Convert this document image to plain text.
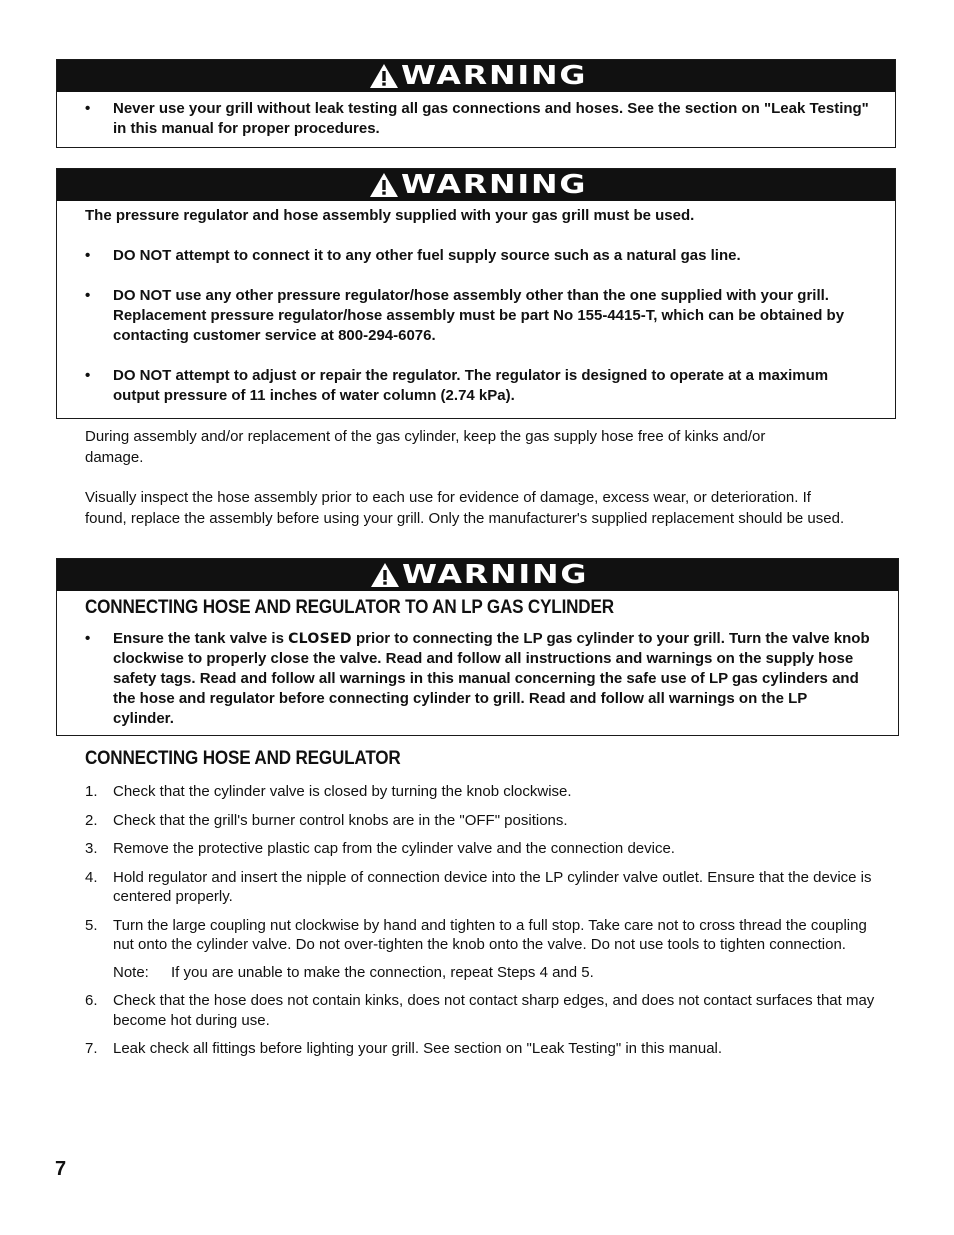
WARNING
•	Never use your grill without leak testing all gas connections and hoses. See the section on "Leak Testing" in this manual for proper procedures.
WARNING
The pressure regulator and hose assembly supplied with your gas grill must be used.
•	DO NOT attempt to connect it to any other fuel supply source such as a natural gas line.
•	DO NOT use any other pressure regulator/hose assembly other than the one supplied with your grill. Replacement pressure regulator/hose assembly must be part No 155-4415-T, which can be obtained by contacting customer service at 800-294-6076.
•	DO NOT attempt to adjust or repair the regulator. The regulator is designed to operate at a maximum output pressure of 11 inches of water column (2.74 kPa).
During assembly and/or replacement of the gas cylinder, keep the gas supply hose free of kinks and/or damage.
Visually inspect the hose assembly prior to each use for evidence of damage, excess wear, or deterioration. If found, replace the assembly before using your grill. Only the manufacturer's supplied replacement should be used.
WARNING
CONNECTING HOSE AND REGULATOR TO AN LP GAS CYLINDER
•	Ensure the tank valve is CLOSED prior to connecting the LP gas cylinder to your grill. Turn the valve knob clockwise to properly close the valve. Read and follow all instructions and warnings on the supply hose safety tags. Read and follow all warnings in this manual concerning the safe use of LP gas cylinders and the hose and regulator before connecting cylinder to grill. Read and follow all warnings on the LP cylinder.
CONNECTING HOSE AND REGULATOR
1.	Check that the cylinder valve is closed by turning the knob clockwise.
2.	Check that the grill's burner control knobs are in the "OFF" positions.
3.	Remove the protective plastic cap from the cylinder valve and the connection device.
4.	Hold regulator and insert the nipple of connection device into the LP cylinder valve outlet. Ensure that the device is centered properly.
5.	Turn the large coupling nut clockwise by hand and tighten to a full stop. Take care not to cross thread the coupling nut onto the cylinder valve. Do not over-tighten the knob onto the valve. Do not use tools to tighten connection.
Note:	If you are unable to make the connection, repeat Steps 4 and 5.
6.	Check that the hose does not contain kinks, does not contact sharp edges, and does not contact surfaces that may become hot during use.
7.	Leak check all fittings before lighting your grill. See section on "Leak Testing" in this manual.
7
